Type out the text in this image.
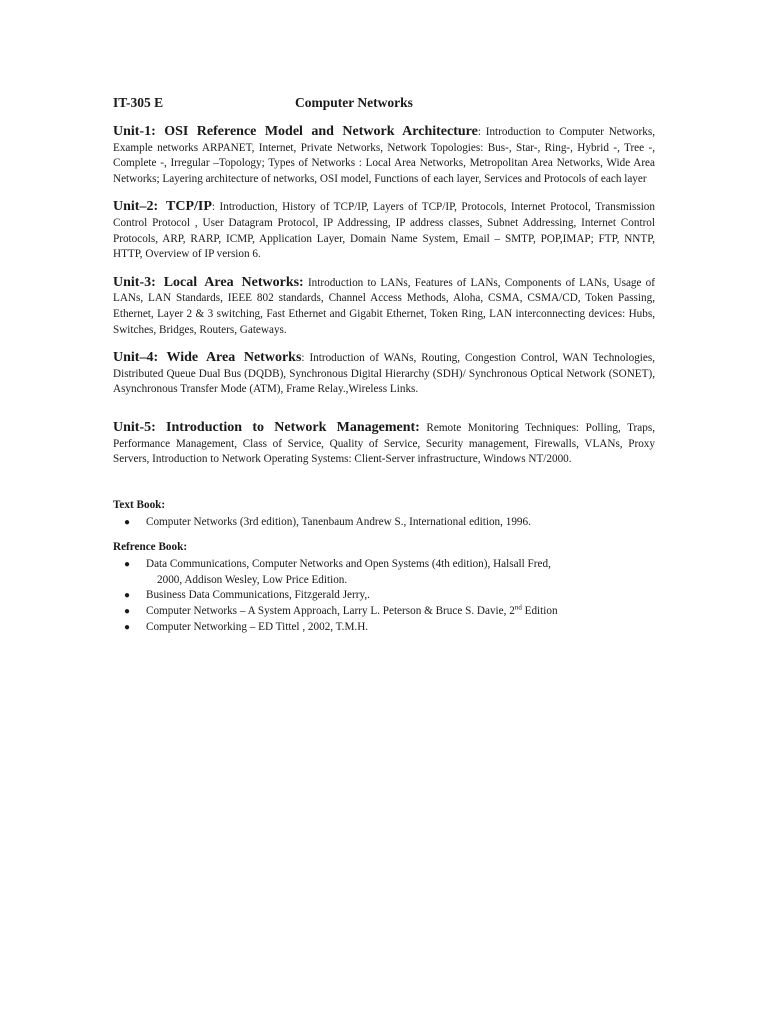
IT-305 E	Computer Networks

Unit-1: OSI Reference Model and Network Architecture: Introduction to Computer Networks, Example networks ARPANET, Internet, Private Networks, Network Topologies: Bus-, Star-, Ring-, Hybrid -, Tree -, Complete -, Irregular –Topology; Types of Networks : Local Area Networks, Metropolitan Area Networks, Wide Area Networks; Layering architecture of networks, OSI model, Functions of each layer, Services and Protocols of each layer

Unit–2: TCP/IP: Introduction, History of TCP/IP, Layers of TCP/IP, Protocols, Internet Protocol, Transmission Control Protocol , User Datagram Protocol, IP Addressing, IP address classes, Subnet Addressing, Internet Control Protocols, ARP, RARP, ICMP, Application Layer, Domain Name System, Email – SMTP, POP,IMAP; FTP, NNTP, HTTP, Overview of IP version 6.

Unit-3: Local Area Networks: Introduction to LANs, Features of LANs, Components of LANs, Usage of LANs, LAN Standards, IEEE 802 standards, Channel Access Methods, Aloha, CSMA, CSMA/CD, Token Passing, Ethernet, Layer 2 & 3 switching, Fast Ethernet and Gigabit Ethernet, Token Ring, LAN interconnecting devices: Hubs, Switches, Bridges, Routers, Gateways.

Unit–4: Wide Area Networks: Introduction of WANs, Routing, Congestion Control, WAN Technologies, Distributed Queue Dual Bus (DQDB), Synchronous Digital Hierarchy (SDH)/ Synchronous Optical Network (SONET), Asynchronous Transfer Mode (ATM), Frame Relay.,Wireless Links.

Unit-5: Introduction to Network Management: Remote Monitoring Techniques: Polling, Traps, Performance Management, Class of Service, Quality of Service, Security management, Firewalls, VLANs, Proxy Servers, Introduction to Network Operating Systems: Client-Server infrastructure, Windows NT/2000.

Text Book:
● Computer Networks (3rd edition), Tanenbaum Andrew S., International edition, 1996.
Refrence Book:
● Data Communications, Computer Networks and Open Systems (4th edition), Halsall Fred,
2000, Addison Wesley, Low Price Edition.
● Business Data Communications, Fitzgerald Jerry,.
● Computer Networks – A System Approach, Larry L. Peterson & Bruce S. Davie, 2nd Edition
● Computer Networking – ED Tittel , 2002, T.M.H.
